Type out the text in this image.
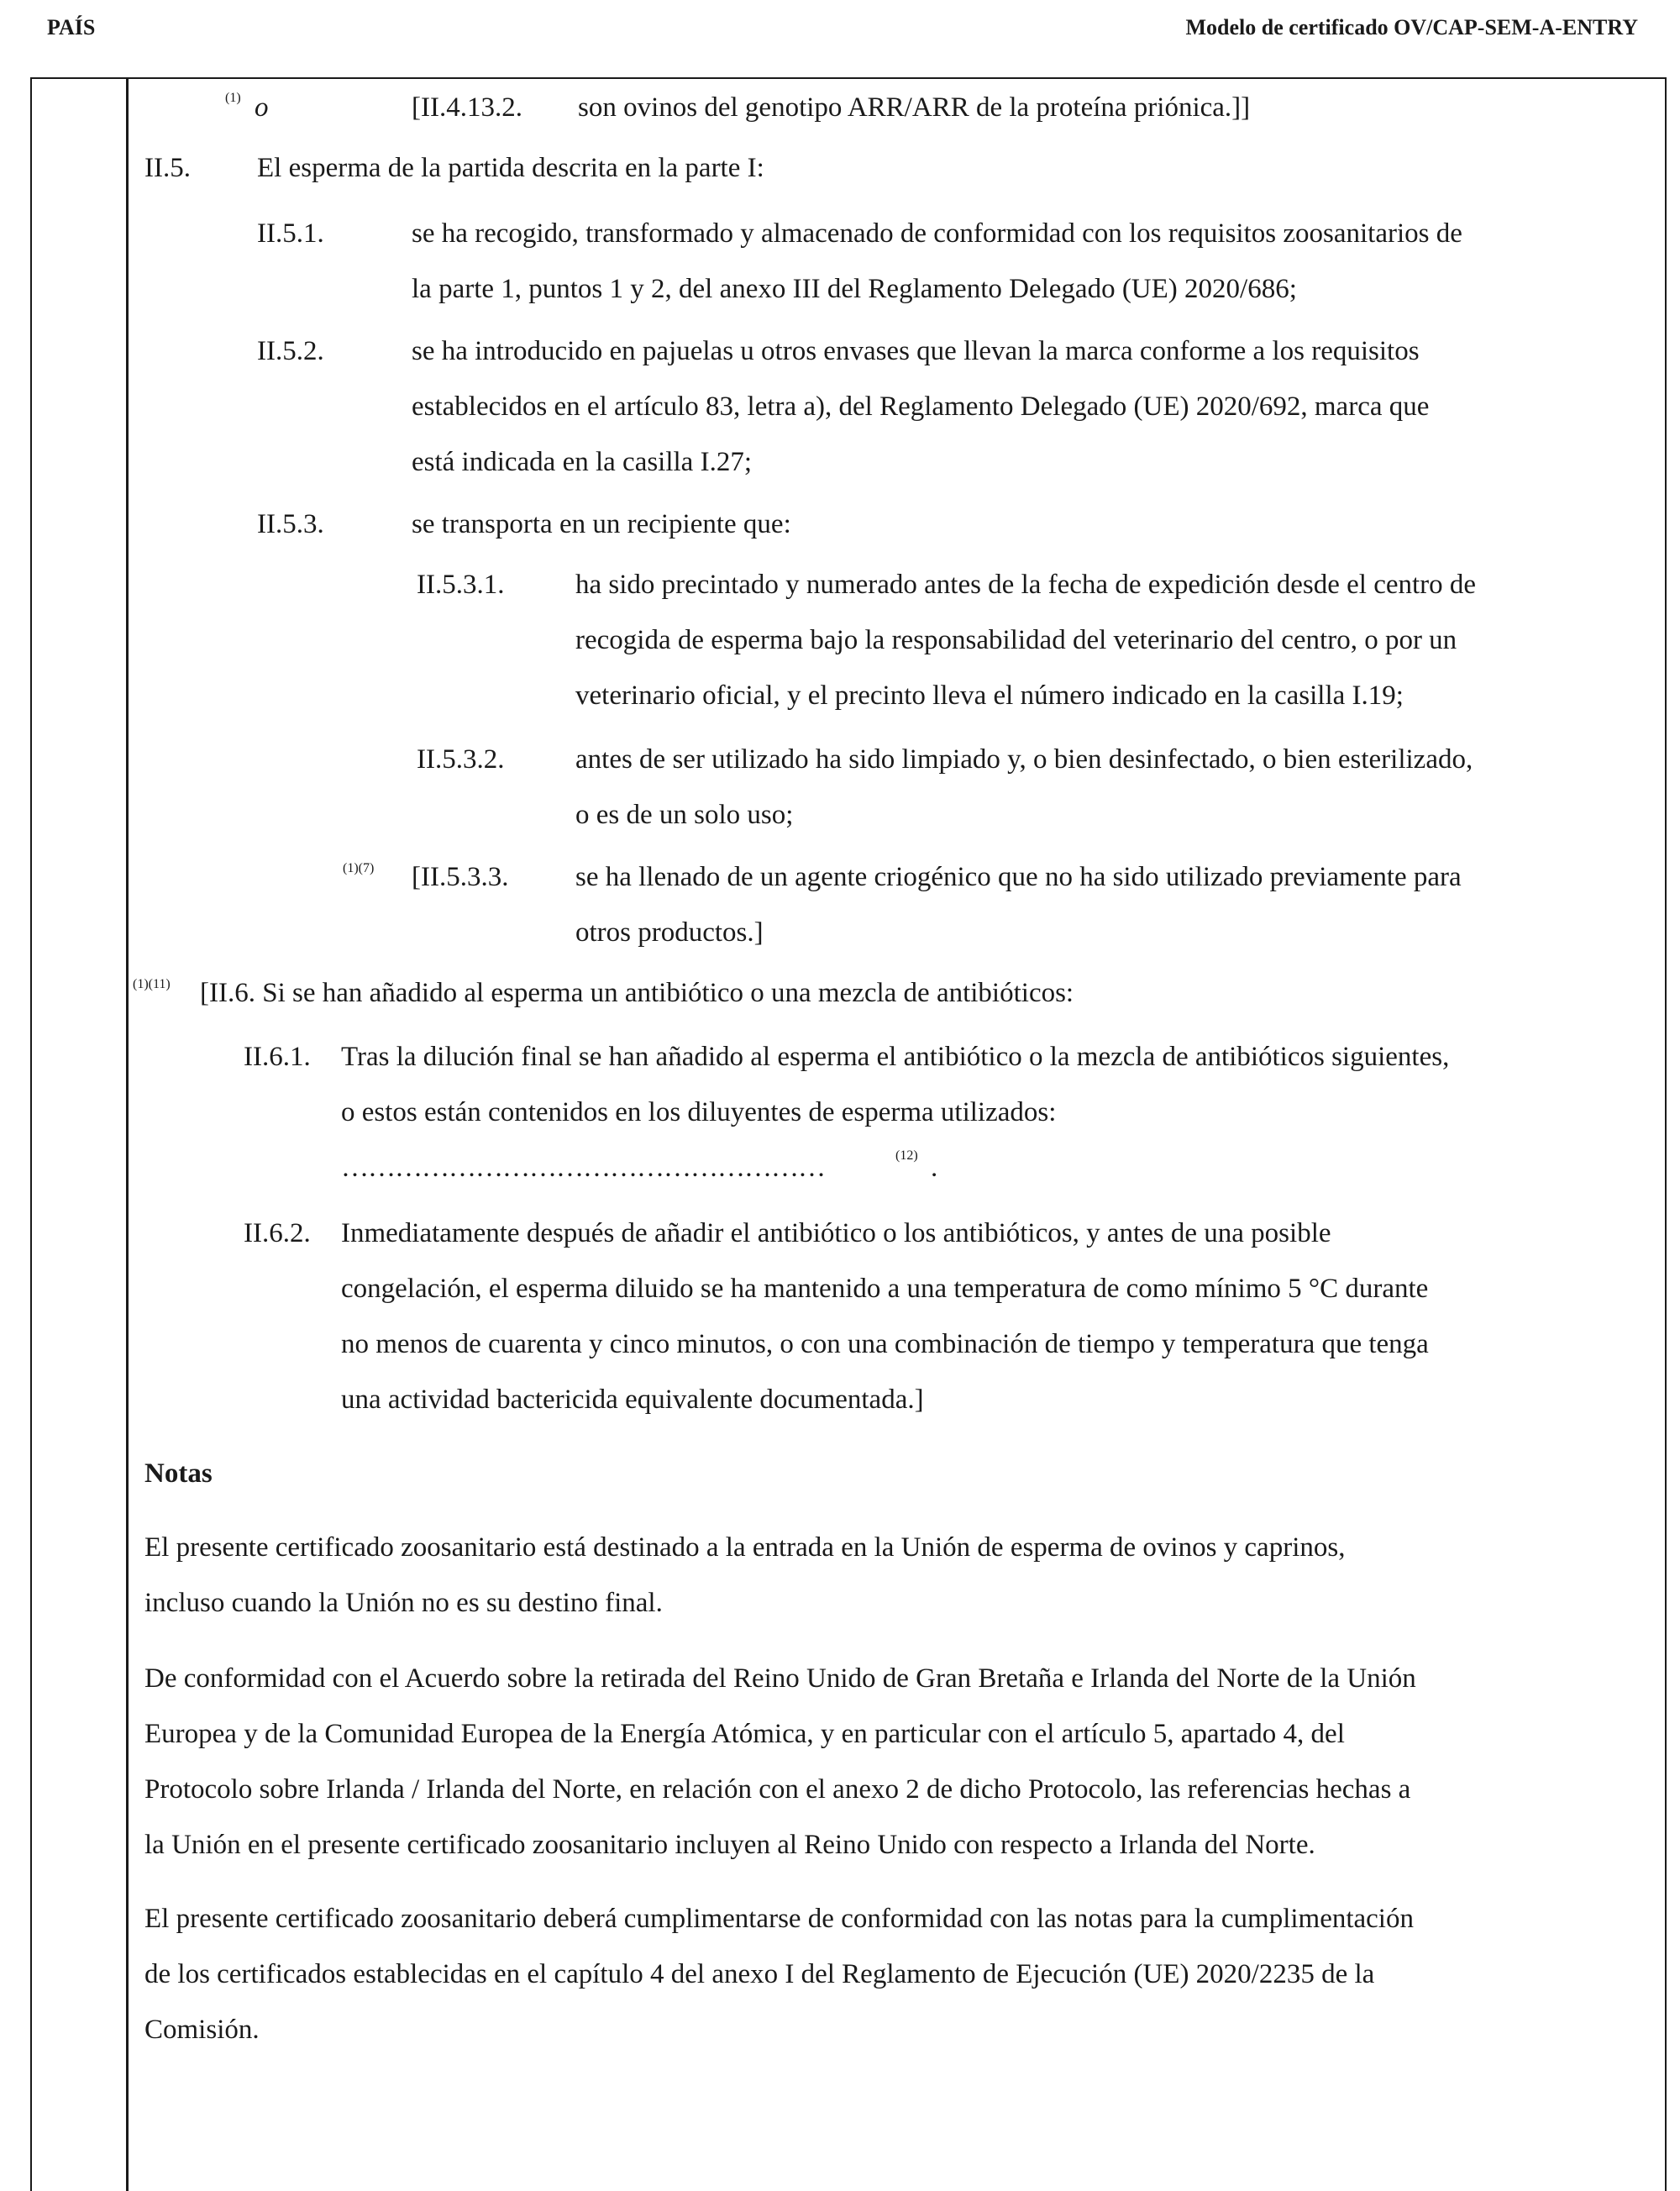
PAÍS	Modelo de certificado OV/CAP-SEM-A-ENTRY
(1) o	[II.4.13.2. son ovinos del genotipo ARR/ARR de la proteína priónica.]]
II.5. El esperma de la partida descrita en la parte I:
II.5.1.	se ha recogido, transformado y almacenado de conformidad con los requisitos zoosanitarios de
la parte 1, puntos 1 y 2, del anexo III del Reglamento Delegado (UE) 2020/686;
II.5.2.	se ha introducido en pajuelas u otros envases que llevan la marca conforme a los requisitos
establecidos en el artículo 83, letra a), del Reglamento Delegado (UE) 2020/692, marca que
está indicada en la casilla I.27;
II.5.3.	se transporta en un recipiente que:
II.5.3.1.	ha sido precintado y numerado antes de la fecha de expedición desde el centro de
recogida de esperma bajo la responsabilidad del veterinario del centro, o por un
veterinario oficial, y el precinto lleva el número indicado en la casilla I.19;
II.5.3.2.	antes de ser utilizado ha sido limpiado y, o bien desinfectado, o bien esterilizado,
o es de un solo uso;
(1)(7) [II.5.3.3. se ha llenado de un agente criogénico que no ha sido utilizado previamente para
otros productos.]
(1)(11) [II.6. Si se han añadido al esperma un antibiótico o una mezcla de antibióticos:
II.6.1. Tras la dilución final se han añadido al esperma el antibiótico o la mezcla de antibióticos siguientes,
o estos están contenidos en los diluyentes de esperma utilizados:
………………………………………………	(12) .
II.6.2. Inmediatamente después de añadir el antibiótico o los antibióticos, y antes de una posible
congelación, el esperma diluido se ha mantenido a una temperatura de como mínimo 5 °C durante
no menos de cuarenta y cinco minutos, o con una combinación de tiempo y temperatura que tenga
una actividad bactericida equivalente documentada.]
Notas
El presente certificado zoosanitario está destinado a la entrada en la Unión de esperma de ovinos y caprinos,
incluso cuando la Unión no es su destino final.
De conformidad con el Acuerdo sobre la retirada del Reino Unido de Gran Bretaña e Irlanda del Norte de la Unión
Europea y de la Comunidad Europea de la Energía Atómica, y en particular con el artículo 5, apartado 4, del
Protocolo sobre Irlanda / Irlanda del Norte, en relación con el anexo 2 de dicho Protocolo, las referencias hechas a
la Unión en el presente certificado zoosanitario incluyen al Reino Unido con respecto a Irlanda del Norte.
El presente certificado zoosanitario deberá cumplimentarse de conformidad con las notas para la cumplimentación
de los certificados establecidas en el capítulo 4 del anexo I del Reglamento de Ejecución (UE) 2020/2235 de la
Comisión.
